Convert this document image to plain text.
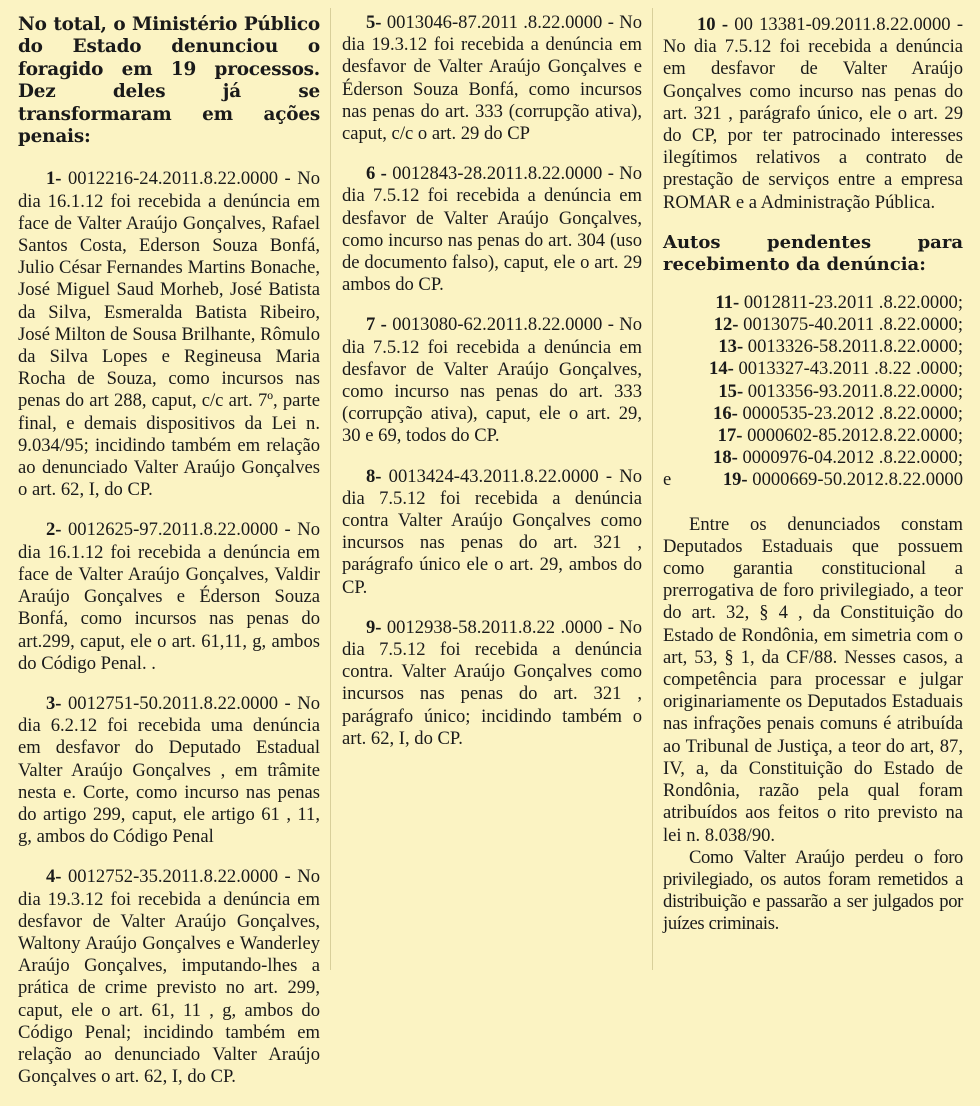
No total, o Ministério Público do Estado denunciou o foragido em 19 processos. Dez deles já se transformaram em ações penais:

1- 0012216-24.2011.8.22.0000 - No dia 16.1.12 foi recebida a denúncia em face de Valter Araújo Gonçalves, Rafael Santos Costa, Ederson Souza Bonfá, Julio César Fernandes Martins Bonache, José Miguel Saud Morheb, José Batista da Silva, Esmeralda Batista Ribeiro, José Milton de Sousa Brilhante, Rômulo da Silva Lopes e Regineusa Maria Rocha de Souza, como incursos nas penas do art 288, caput, c/c art. 7º, parte final, e demais dispositivos da Lei n. 9.034/95; incidindo também em relação ao denunciado Valter Araújo Gonçalves o art. 62, I, do CP.

2- 0012625-97.2011.8.22.0000 - No dia 16.1.12 foi recebida a denúncia em face de Valter Araújo Gonçalves, Valdir Araújo Gonçalves e Éderson Souza Bonfá, como incursos nas penas do art.299, caput, ele o art. 61,11, g, ambos do Código Penal. .

3- 0012751-50.2011.8.22.0000 - No dia 6.2.12 foi recebida uma denúncia em desfavor do Deputado Estadual Valter Araújo Gonçalves , em trâmite nesta e. Corte, como incurso nas penas do artigo 299, caput, ele artigo 61 , 11, g, ambos do Código Penal

4- 0012752-35.2011.8.22.0000 - No dia 19.3.12 foi recebida a denúncia em desfavor de Valter Araújo Gonçalves, Waltony Araújo Gonçalves e Wanderley Araújo Gonçalves, imputando-lhes a prática de crime previsto no art. 299, caput, ele o art. 61, 11 , g, ambos do Código Penal; incidindo também em relação ao denunciado Valter Araújo Gonçalves o art. 62, I, do CP.

5- 0013046-87.2011 .8.22.0000 - No dia 19.3.12 foi recebida a denúncia em desfavor de Valter Araújo Gonçalves e Éderson Souza Bonfá, como incursos nas penas do art. 333 (corrupção ativa), caput, c/c o art. 29 do CP

6 - 0012843-28.2011.8.22.0000 - No dia 7.5.12 foi recebida a denúncia em desfavor de Valter Araújo Gonçalves, como incurso nas penas do art. 304 (uso de documento falso), caput, ele o art. 29 ambos do CP.

7 - 0013080-62.2011.8.22.0000 - No dia 7.5.12 foi recebida a denúncia em desfavor de Valter Araújo Gonçalves, como incurso nas penas do art. 333 (corrupção ativa), caput, ele o art. 29, 30 e 69, todos do CP.

8- 0013424-43.2011.8.22.0000 - No dia 7.5.12 foi recebida a denúncia contra Valter Araújo Gonçalves como incursos nas penas do art. 321 , parágrafo único ele o art. 29, ambos do CP.

9- 0012938-58.2011.8.22 .0000 - No dia 7.5.12 foi recebida a denúncia contra. Valter Araújo Gonçalves como incursos nas penas do art. 321 , parágrafo único; incidindo também o art. 62, I, do CP.

10 - 00 13381-09.2011.8.22.0000 - No dia 7.5.12 foi recebida a denúncia em desfavor de Valter Araújo Gonçalves como incurso nas penas do art. 321 , parágrafo único, ele o art. 29 do CP, por ter patrocinado interesses ilegítimos relativos a contrato de prestação de serviços entre a empresa ROMAR e a Administração Pública.

Autos pendentes para recebimento da denúncia:

11- 0012811-23.2011 .8.22.0000;
12- 0013075-40.2011 .8.22.0000;
13- 0013326-58.2011.8.22.0000;
14- 0013327-43.2011 .8.22 .0000;
15- 0013356-93.2011.8.22.0000;
16- 0000535-23.2012 .8.22.0000;
17- 0000602-85.2012.8.22.0000;
18- 0000976-04.2012 .8.22.0000;
e	19- 0000669-50.2012.8.22.0000

Entre os denunciados constam Deputados Estaduais que possuem como garantia constitucional a prerrogativa de foro privilegiado, a teor do art. 32, § 4 , da Constituição do Estado de Rondônia, em simetria com o art, 53, § 1, da CF/88. Nesses casos, a competência para processar e julgar originariamente os Deputados Estaduais nas infrações penais comuns é atribuída ao Tribunal de Justiça, a teor do art, 87, IV, a, da Constituição do Estado de Rondônia, razão pela qual foram atribuídos aos feitos o rito previsto na lei n. 8.038/90.

Como Valter Araújo perdeu o foro privilegiado, os autos foram remetidos a distribuição e passarão a ser julgados por juízes criminais.
